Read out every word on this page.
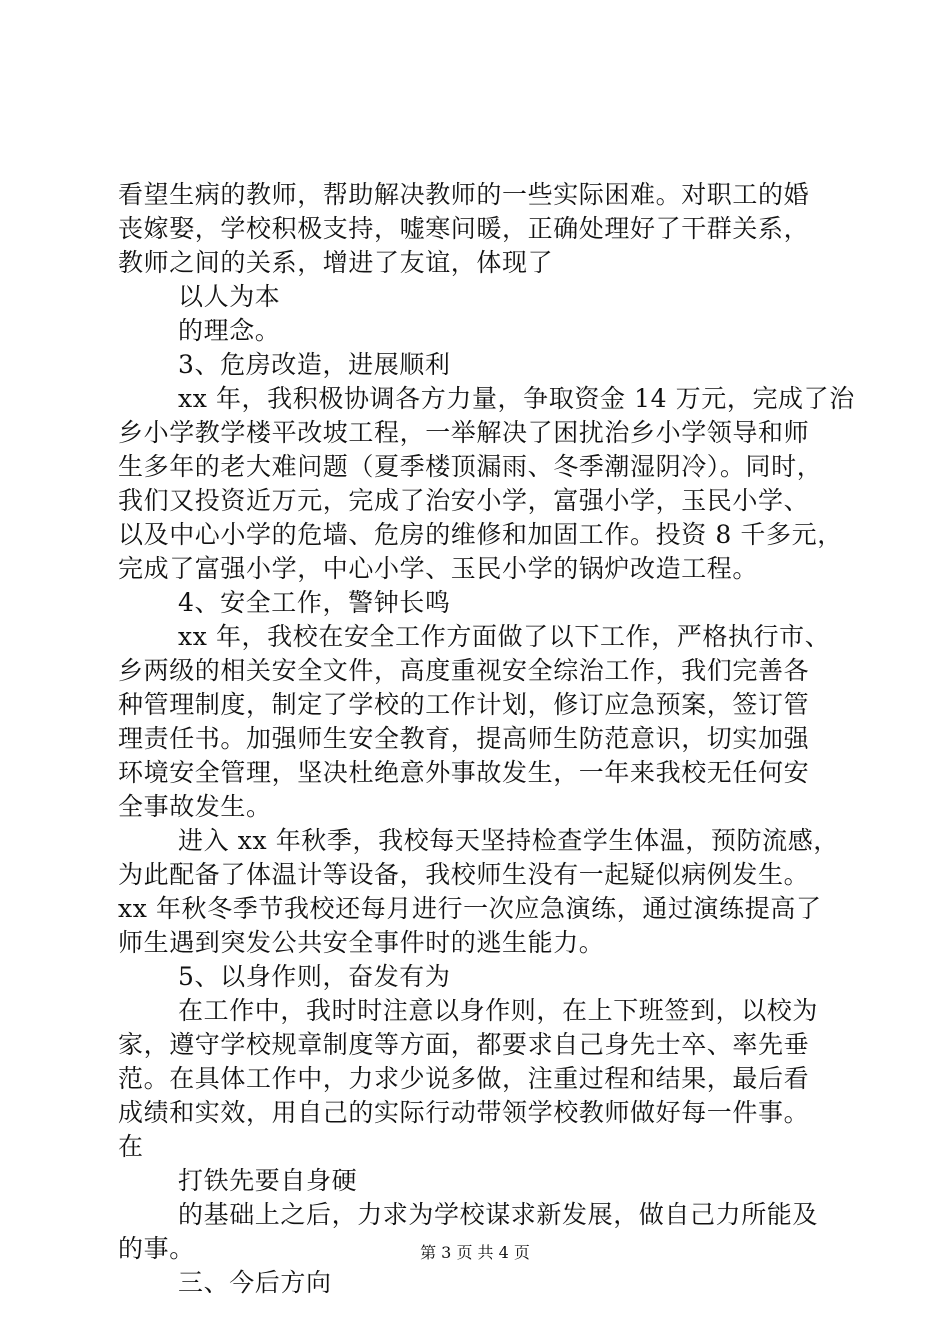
看望生病的教师，帮助解决教师的一些实际困难。对职工的婚
丧嫁娶，学校积极支持，嘘寒问暖，正确处理好了干群关系，
教师之间的关系，增进了友谊，体现了
以人为本
的理念。
3、危房改造，进展顺利
xx 年，我积极协调各方力量，争取资金 14 万元，完成了治
乡小学教学楼平改坡工程，一举解决了困扰治乡小学领导和师
生多年的老大难问题（夏季楼顶漏雨、冬季潮湿阴冷）。同时，
我们又投资近万元，完成了治安小学，富强小学，玉民小学、
以及中心小学的危墙、危房的维修和加固工作。投资 8 千多元，
完成了富强小学，中心小学、玉民小学的锅炉改造工程。
4、安全工作，警钟长鸣
xx 年，我校在安全工作方面做了以下工作，严格执行市、
乡两级的相关安全文件，高度重视安全综治工作，我们完善各
种管理制度，制定了学校的工作计划，修订应急预案，签订管
理责任书。加强师生安全教育，提高师生防范意识，切实加强
环境安全管理，坚决杜绝意外事故发生，一年来我校无任何安
全事故发生。
进入 xx 年秋季，我校每天坚持检查学生体温，预防流感，
为此配备了体温计等设备，我校师生没有一起疑似病例发生。
xx 年秋冬季节我校还每月进行一次应急演练，通过演练提高了
师生遇到突发公共安全事件时的逃生能力。
5、以身作则，奋发有为
在工作中，我时时注意以身作则，在上下班签到，以校为
家，遵守学校规章制度等方面，都要求自己身先士卒、率先垂
范。在具体工作中，力求少说多做，注重过程和结果，最后看
成绩和实效，用自己的实际行动带领学校教师做好每一件事。
在
打铁先要自身硬
的基础上之后，力求为学校谋求新发展，做自己力所能及
的事。
三、今后方向
第 3 页 共 4 页
